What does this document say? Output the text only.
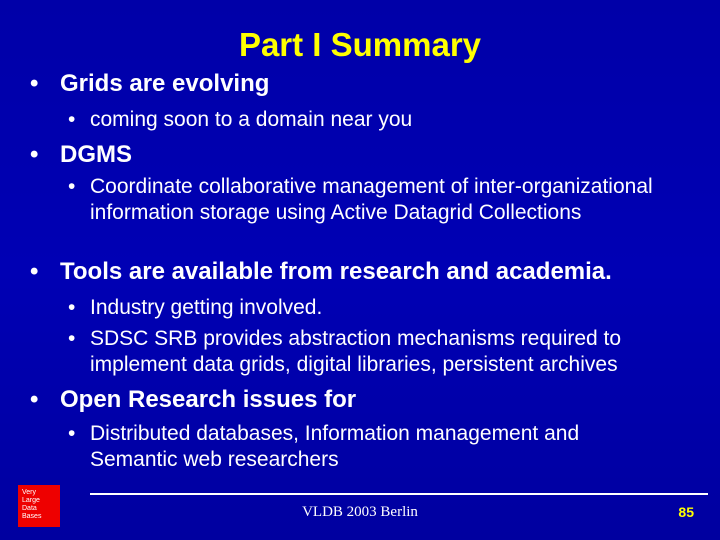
Part I Summary
• Grids are evolving
• coming soon to a domain near you
• DGMS
• Coordinate collaborative management of inter-organizational information storage using Active Datagrid Collections
• Tools are available from research and academia.
• Industry getting involved.
• SDSC SRB provides abstraction mechanisms required to implement data grids, digital libraries, persistent archives
• Open Research issues for
• Distributed databases, Information management and Semantic web researchers
Very
Large
Data
Bases	VLDB 2003 Berlin	85
